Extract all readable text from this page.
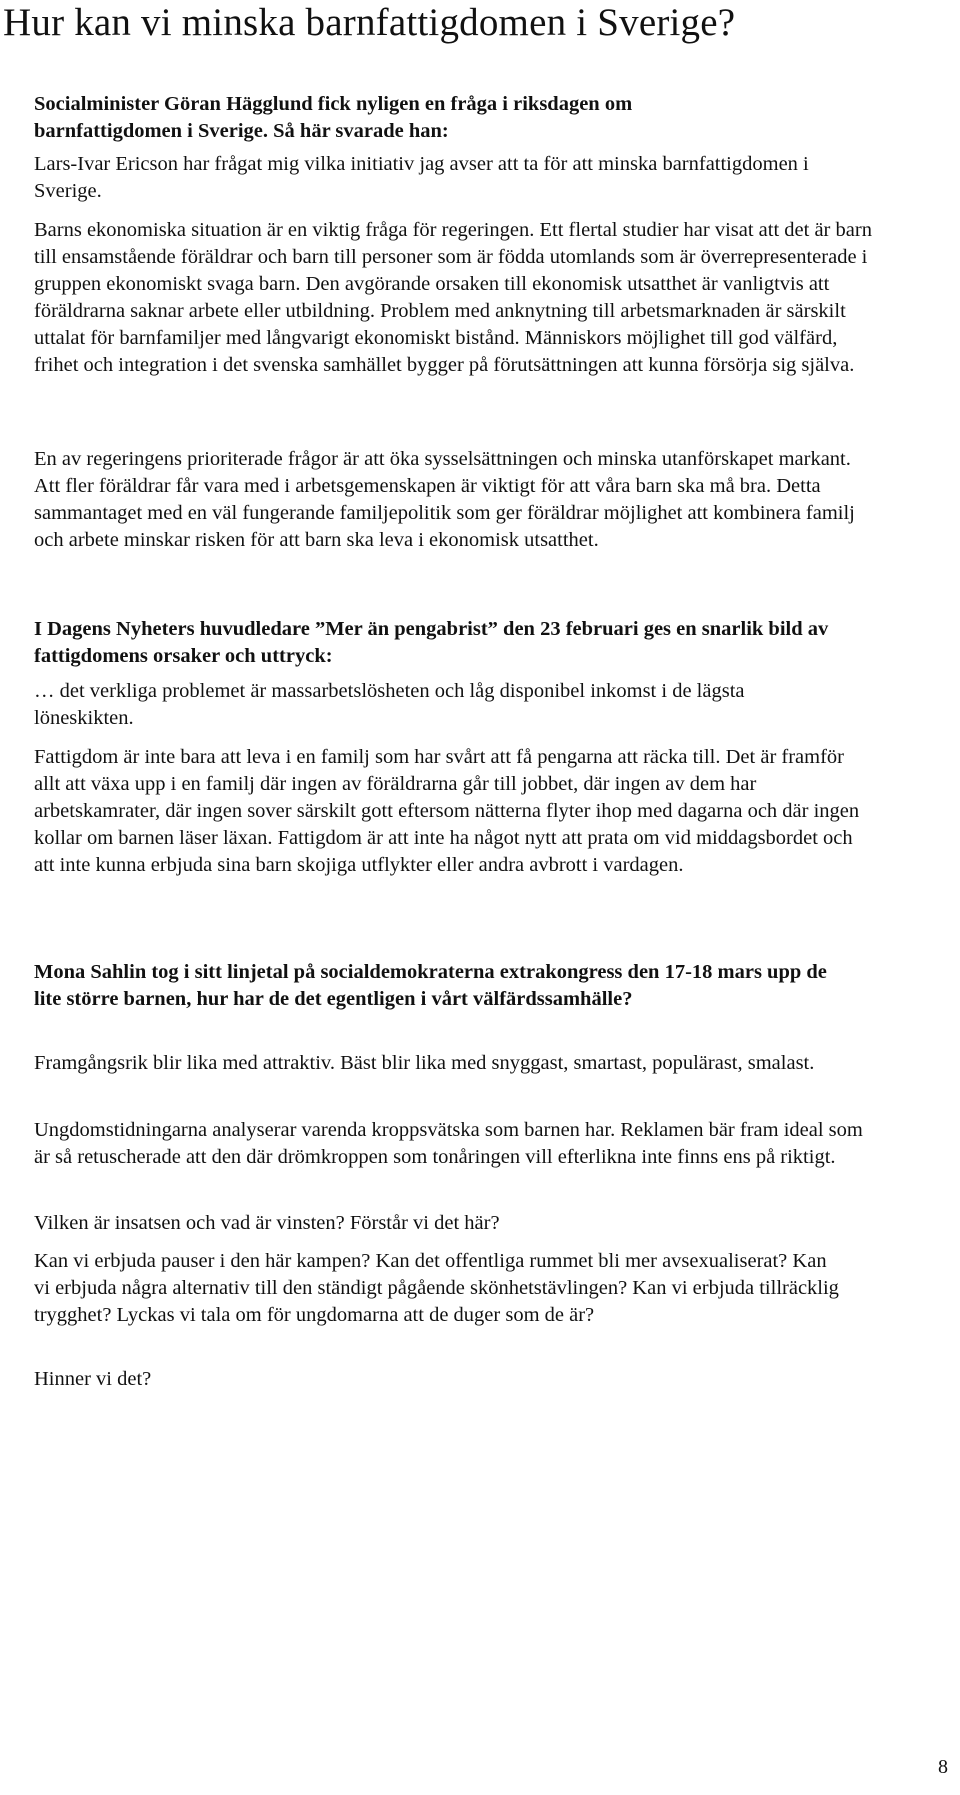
Hur kan vi minska barnfattigdomen i Sverige?

Socialminister Göran Hägglund fick nyligen en fråga i riksdagen om barnfattigdomen i Sverige. Så här svarade han:

Lars-Ivar Ericson har frågat mig vilka initiativ jag avser att ta för att minska barnfattigdomen i Sverige.

Barns ekonomiska situation är en viktig fråga för regeringen. Ett flertal studier har visat att det är barn till ensamstående föräldrar och barn till personer som är födda utomlands som är överrepresenterade i gruppen ekonomiskt svaga barn. Den avgörande orsaken till ekonomisk utsatthet är vanligtvis att föräldrarna saknar arbete eller utbildning. Problem med anknytning till arbetsmarknaden är särskilt uttalat för barnfamiljer med långvarigt ekonomiskt bistånd. Människors möjlighet till god välfärd, frihet och integration i det svenska samhället bygger på förutsättningen att kunna försörja sig själva.

En av regeringens prioriterade frågor är att öka sysselsättningen och minska utanförskapet markant. Att fler föräldrar får vara med i arbetsgemenskapen är viktigt för att våra barn ska må bra. Detta sammantaget med en väl fungerande familjepolitik som ger föräldrar möjlighet att kombinera familj och arbete minskar risken för att barn ska leva i ekonomisk utsatthet.

I Dagens Nyheters huvudledare ”Mer än pengabrist” den 23 februari ges en snarlik bild av fattigdomens orsaker och uttryck:

… det verkliga problemet är massarbetslösheten och låg disponibel inkomst i de lägsta löneskikten.

Fattigdom är inte bara att leva i en familj som har svårt att få pengarna att räcka till. Det är framför allt att växa upp i en familj där ingen av föräldrarna går till jobbet, där ingen av dem har arbetskamrater, där ingen sover särskilt gott eftersom nätterna flyter ihop med dagarna och där ingen kollar om barnen läser läxan. Fattigdom är att inte ha något nytt att prata om vid middagsbordet och att inte kunna erbjuda sina barn skojiga utflykter eller andra avbrott i vardagen.

Mona Sahlin tog i sitt linjetal på socialdemokraterna extrakongress den 17-18 mars upp de lite större barnen, hur har de det egentligen i vårt välfärdssamhälle?

Framgångsrik blir lika med attraktiv. Bäst blir lika med snyggast, smartast, populärast, smalast.

Ungdomstidningarna analyserar varenda kroppsvätska som barnen har. Reklamen bär fram ideal som är så retuscherade att den där drömkroppen som tonåringen vill efterlikna inte finns ens på riktigt.

Vilken är insatsen och vad är vinsten? Förstår vi det här?

Kan vi erbjuda pauser i den här kampen? Kan det offentliga rummet bli mer avsexualiserat? Kan vi erbjuda några alternativ till den ständigt pågående skönhetstävlingen? Kan vi erbjuda tillräcklig trygghet? Lyckas vi tala om för ungdomarna att de duger som de är?

Hinner vi det?

8
